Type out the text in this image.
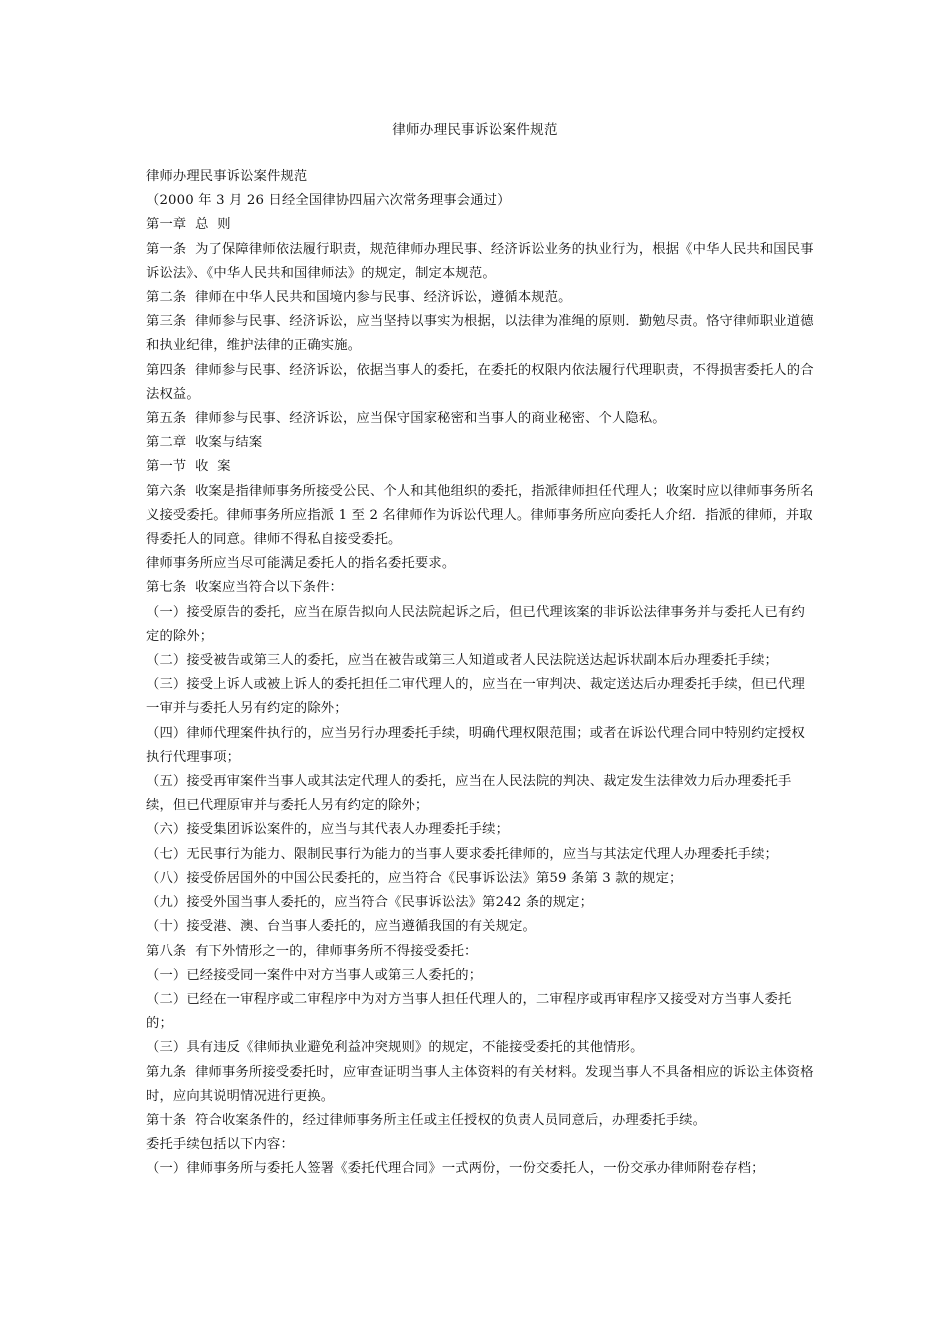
律师办理民事诉讼案件规范

律师办理民事诉讼案件规范

（2000 年 3 月 26 日经全国律协四届六次常务理事会通过）

第一章  总  则

第一条  为了保障律师依法履行职责，规范律师办理民事、经济诉讼业务的执业行为，根据《中华人民共和国民事诉讼法》、《中华人民共和国律师法》的规定，制定本规范。

第二条  律师在中华人民共和国境内参与民事、经济诉讼，遵循本规范。

第三条  律师参与民事、经济诉讼，应当坚持以事实为根据，以法律为准绳的原则．勤勉尽责。恪守律师职业道德和执业纪律，维护法律的正确实施。

第四条  律师参与民事、经济诉讼，依据当事人的委托，在委托的权限内依法履行代理职责，不得损害委托人的合法权益。

第五条  律师参与民事、经济诉讼，应当保守国家秘密和当事人的商业秘密、个人隐私。

第二章  收案与结案

第一节  收  案

第六条  收案是指律师事务所接受公民、个人和其他组织的委托，指派律师担任代理人；收案时应以律师事务所名义接受委托。律师事务所应指派 1 至 2 名律师作为诉讼代理人。律师事务所应向委托人介绍．指派的律师，并取得委托人的同意。律师不得私自接受委托。

律师事务所应当尽可能满足委托人的指名委托要求。

第七条  收案应当符合以下条件：

（一）接受原告的委托，应当在原告拟向人民法院起诉之后，但已代理该案的非诉讼法律事务并与委托人已有约定的除外；

（二）接受被告或第三人的委托，应当在被告或第三人知道或者人民法院送达起诉状副本后办理委托手续；

（三）接受上诉人或被上诉人的委托担任二审代理人的，应当在一审判决、裁定送达后办理委托手续，但已代理一审并与委托人另有约定的除外；

（四）律师代理案件执行的，应当另行办理委托手续，明确代理权限范围；或者在诉讼代理合同中特别约定授权执行代理事项；

（五）接受再审案件当事人或其法定代理人的委托，应当在人民法院的判决、裁定发生法律效力后办理委托手续，但已代理原审并与委托人另有约定的除外；

（六）接受集团诉讼案件的，应当与其代表人办理委托手续；

（七）无民事行为能力、限制民事行为能力的当事人要求委托律师的，应当与其法定代理人办理委托手续；

（八）接受侨居国外的中国公民委托的，应当符合《民事诉讼法》第59 条第 3 款的规定；

（九）接受外国当事人委托的，应当符合《民事诉讼法》第242 条的规定；

（十）接受港、澳、台当事人委托的，应当遵循我国的有关规定。

第八条  有下外情形之一的，律师事务所不得接受委托：

（一）已经接受同一案件中对方当事人或第三人委托的；

（二）已经在一审程序或二审程序中为对方当事人担任代理人的，二审程序或再审程序又接受对方当事人委托的；

（三）具有违反《律师执业避免利益冲突规则》的规定，不能接受委托的其他情形。

第九条  律师事务所接受委托时，应审查证明当事人主体资料的有关材料。发现当事人不具备相应的诉讼主体资格时，应向其说明情况进行更换。

第十条  符合收案条件的，经过律师事务所主任或主任授权的负责人员同意后，办理委托手续。

委托手续包括以下内容：

（一）律师事务所与委托人签署《委托代理合同》一式两份，一份交委托人，一份交承办律师附卷存档；
